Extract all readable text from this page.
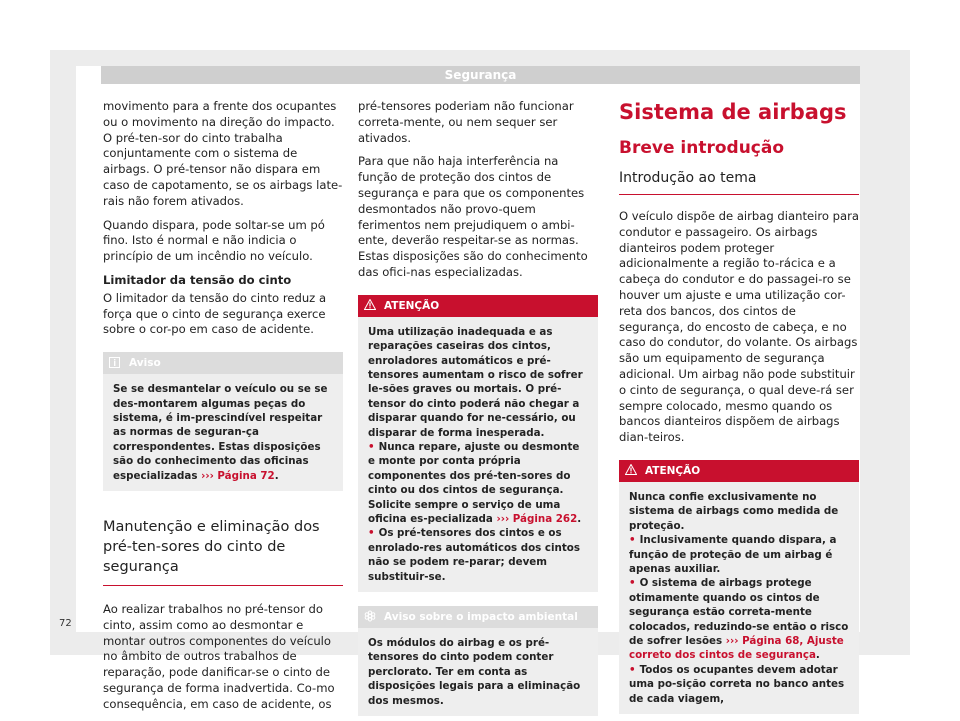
Segurança
72

movimento para a frente dos ocupantes ou o movimento na direção do impacto. O pré-ten-sor do cinto trabalha conjuntamente com o sistema de airbags. O pré-tensor não dispara em caso de capotamento, se os airbags late-rais não forem ativados.

Quando dispara, pode soltar-se um pó fino. Isto é normal e não indicia o princípio de um incêndio no veículo.

Limitador da tensão do cinto

O limitador da tensão do cinto reduz a força que o cinto de segurança exerce sobre o cor-po em caso de acidente.

Aviso
Se se desmantelar o veículo ou se se des-montarem algumas peças do sistema, é im-prescindível respeitar as normas de seguran-ça correspondentes. Estas disposições são do conhecimento das oficinas especializadas ››› Página 72.
Manutenção e eliminação dos pré-ten-sores do cinto de segurança

Ao realizar trabalhos no pré-tensor do cinto, assim como ao desmontar e montar outros componentes do veículo no âmbito de outros trabalhos de reparação, pode danificar-se o cinto de segurança de forma inadvertida. Co-mo consequência, em caso de acidente, os

pré-tensores poderiam não funcionar correta-mente, ou nem sequer ser ativados.

Para que não haja interferência na função de proteção dos cintos de segurança e para que os componentes desmontados não provo-quem ferimentos nem prejudiquem o ambi-ente, deverão respeitar-se as normas. Estas disposições são do conhecimento das ofici-nas especializadas.

ATENÇÃO
Uma utilização inadequada e as reparações caseiras dos cintos, enroladores automáticos e pré-tensores aumentam o risco de sofrer le-sões graves ou mortais. O pré-tensor do cinto poderá não chegar a disparar quando for ne-cessário, ou disparar de forma inesperada.
• Nunca repare, ajuste ou desmonte e monte por conta própria componentes dos pré-ten-sores do cinto ou dos cintos de segurança. Solicite sempre o serviço de uma oficina es-pecializada ››› Página 262.
• Os pré-tensores dos cintos e os enrolado-res automáticos dos cintos não se podem re-parar; devem substituir-se.
Aviso sobre o impacto ambiental
Os módulos do airbag e os pré-tensores do cinto podem conter perclorato. Ter em conta as disposições legais para a eliminação dos mesmos.
Sistema de airbags
Breve introdução
Introdução ao tema

O veículo dispõe de airbag dianteiro para condutor e passageiro. Os airbags dianteiros podem proteger adicionalmente a região to-rácica e a cabeça do condutor e do passagei-ro se houver um ajuste e uma utilização cor-reta dos bancos, dos cintos de segurança, do encosto de cabeça, e no caso do condutor, do volante. Os airbags são um equipamento de segurança adicional. Um airbag não pode substituir o cinto de segurança, o qual deve-rá ser sempre colocado, mesmo quando os bancos dianteiros dispõem de airbags dian-teiros.

ATENÇÃO
Nunca confie exclusivamente no sistema de airbags como medida de proteção.
• Inclusivamente quando dispara, a função de proteção de um airbag é apenas auxiliar.
• O sistema de airbags protege otimamente quando os cintos de segurança estão correta-mente colocados, reduzindo-se então o risco de sofrer lesões ››› Página 68, Ajuste correto dos cintos de segurança.
• Todos os ocupantes devem adotar uma po-sição correta no banco antes de cada viagem,
